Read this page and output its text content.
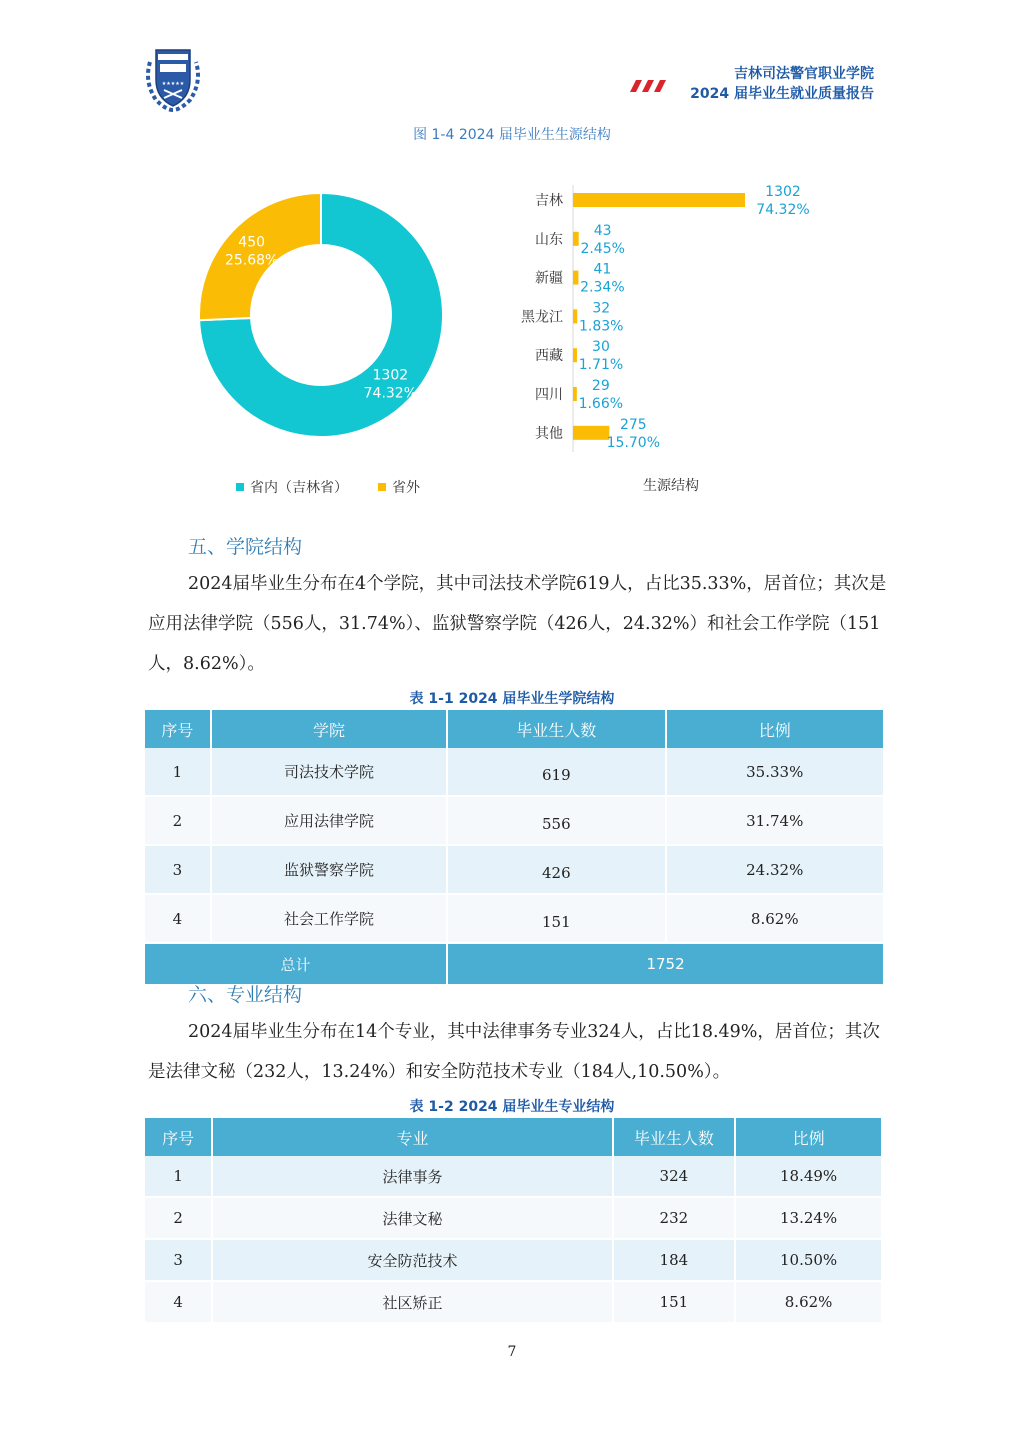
★★★★★
吉林司法警官职业学院
2024 届毕业生就业质量报告
图 1-4 2024 届毕业生生源结构
1302
74.32%
450
25.68%
省内（吉林省）	省外
吉林
1302
74.32%
山东
43
2.45%
新疆
41
2.34%
黑龙江
32
1.83%
西藏
30
1.71%
四川
29
1.66%
其他
275
15.70%
生源结构
五、学院结构
2024届毕业生分布在4个学院，其中司法技术学院619人，占比35.33%，居首位；其次是应用法律学院（556人，31.74%）、监狱警察学院（426人，24.32%）和社会工作学院（151人，8.62%）。
表 1-1 2024 届毕业生学院结构
序号	学院	毕业生人数	比例
1	司法技术学院	619	35.33%
2	应用法律学院	556	31.74%
3	监狱警察学院	426	24.32%
4	社会工作学院	151	8.62%
总计		1752	
六、专业结构
2024届毕业生分布在14个专业，其中法律事务专业324人，占比18.49%，居首位；其次是法律文秘（232人，13.24%）和安全防范技术专业（184人,10.50%）。
表 1-2 2024 届毕业生专业结构
序号	专业	毕业生人数	比例
1	法律事务	324	18.49%
2	法律文秘	232	13.24%
3	安全防范技术	184	10.50%
4	社区矫正	151	8.62%
7
